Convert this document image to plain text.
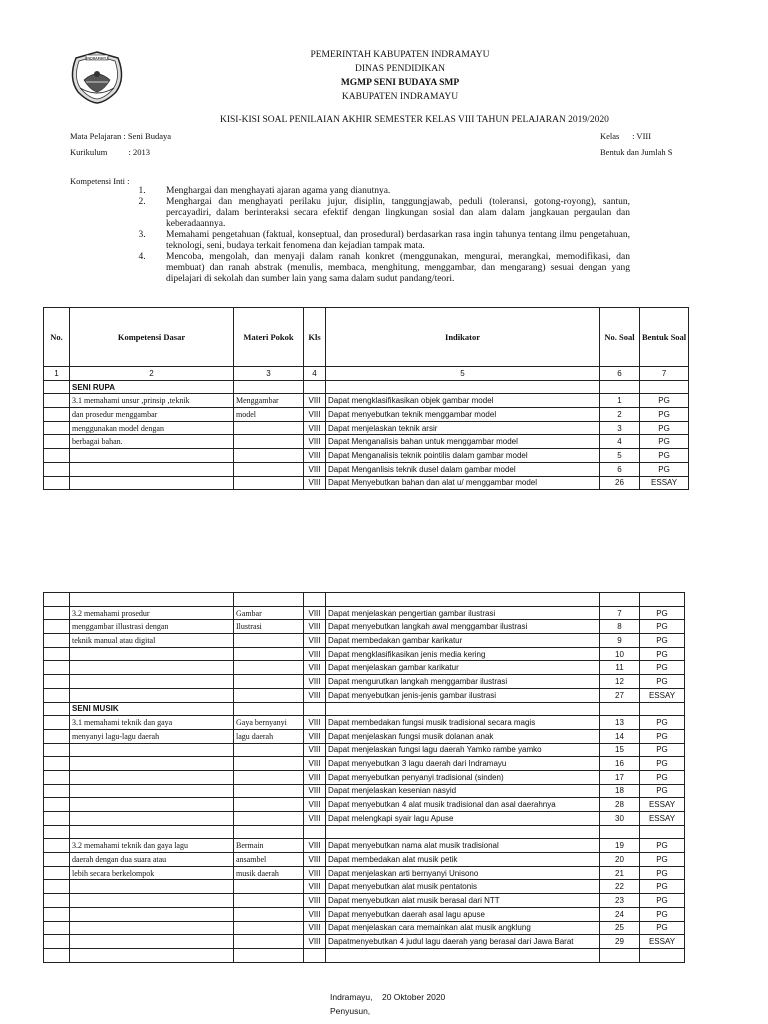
INDRAMAYU	PEMERINTAH KABUPATEN INDRAMAYU
DINAS PENDIDIKAN
MGMP SENI BUDAYA SMP
KABUPATEN INDRAMAYU
KISI-KISI SOAL PENILAIAN AKHIR SEMESTER KELAS VIII TAHUN PELAJARAN 2019/2020
Mata Pelajaran : Seni Budaya
Kurikulum          : 2013
Kelas      : VIII
Bentuk dan Jumlah S
Kompetensi Inti :
1. Menghargai dan menghayati ajaran agama yang dianutnya.
2. Menghargai dan menghayati perilaku jujur, disiplin, tanggungjawab, peduli (toleransi, gotong-royong), santun, percayadiri, dalam berinteraksi secara efektif dengan lingkungan sosial dan alam dalam jangkauan pergaulan dan keberadaannya.
3. Memahami pengetahuan (faktual, konseptual, dan prosedural) berdasarkan rasa ingin tahunya tentang ilmu pengetahuan, teknologi, seni, budaya terkait fenomena dan kejadian tampak mata.
4. Mencoba, mengolah, dan menyaji dalam ranah konkret (menggunakan, mengurai, merangkai, memodifikasi, dan membuat) dan ranah abstrak (menulis, membaca, menghitung, menggambar, dan mengarang) sesuai dengan yang dipelajari di sekolah dan sumber lain yang sama dalam sudut pandang/teori.
No.	Kompetensi Dasar	Materi Pokok	Kls	Indikator	No. Soal	Bentuk Soal
1	2	3	4	5	6	7
	SENI RUPA					
	3.1 memahami unsur ,prinsip ,teknik	Menggambar	VIII	Dapat mengklasifikasikan objek gambar model	1	PG
	dan prosedur menggambar	model	VIII	Dapat menyebutkan teknik menggambar model	2	PG
	menggunakan model dengan		VIII	Dapat menjelaskan teknik arsir	3	PG
	berbagai bahan.		VIII	Dapat Menganalisis bahan untuk menggambar model	4	PG
			VIII	Dapat Menganalisis teknik pointilis dalam gambar model	5	PG
			VIII	Dapat Menganlisis teknik dusel dalam gambar model	6	PG
			VIII	Dapat Menyebutkan bahan dan alat u/ menggambar model	26	ESSAY

	3.2 memahami prosedur	Gambar	VIII	Dapat menjelaskan pengertian gambar ilustrasi	7	PG
	menggambar illustrasi dengan	Ilustrasi	VIII	Dapat menyebutkan langkah awal menggambar ilustrasi	8	PG
	teknik manual atau digital		VIII	Dapat membedakan gambar karikatur	9	PG
			VIII	Dapat mengklasifikasikan jenis media kering	10	PG
			VIII	Dapat menjelaskan gambar karikatur	11	PG
			VIII	Dapat mengurutkan langkah menggambar ilustrasi	12	PG
			VIII	Dapat menyebutkan jenis-jenis gambar ilustrasi	27	ESSAY
	SENI MUSIK					
	3.1 memahami teknik dan gaya	Gaya bernyanyi	VIII	Dapat membedakan fungsi musik tradisional secara magis	13	PG
	menyanyi lagu-lagu daerah	lagu daerah	VIII	Dapat menjelaskan fungsi musik dolanan anak	14	PG
			VIII	Dapat menjelaskan fungsi lagu daerah Yamko rambe yamko	15	PG
			VIII	Dapat menyebutkan 3 lagu daerah dari Indramayu	16	PG
			VIII	Dapat menyebutkan penyanyi tradisional (sinden)	17	PG
			VIII	Dapat menjelaskan kesenian nasyid	18	PG
			VIII	Dapat menyebutkan 4 alat musik tradisional dan asal daerahnya	28	ESSAY
			VIII	Dapat melengkapi syair lagu Apuse	30	ESSAY

	3.2 memahami teknik dan gaya lagu	Bermain	VIII	Dapat menyebutkan nama alat musik tradisional	19	PG
	daerah dengan dua suara atau	ansambel	VIII	Dapat membedakan alat musik petik	20	PG
	lebih secara berkelompok	musik daerah	VIII	Dapat menjelaskan arti bernyanyi Unisono	21	PG
			VIII	Dapat menyebutkan alat musik pentatonis	22	PG
			VIII	Dapat menyebutkan alat musik berasal dari NTT	23	PG
			VIII	Dapat menyebutkan daerah asal lagu apuse	24	PG
			VIII	Dapat menjelaskan cara memainkan alat musik angklung	25	PG
			VIII	Dapatmenyebutkan 4 judul lagu daerah yang berasal dari Jawa Barat	29	ESSAY

Indramayu,    20 Oktober 2020
Penyusun,
